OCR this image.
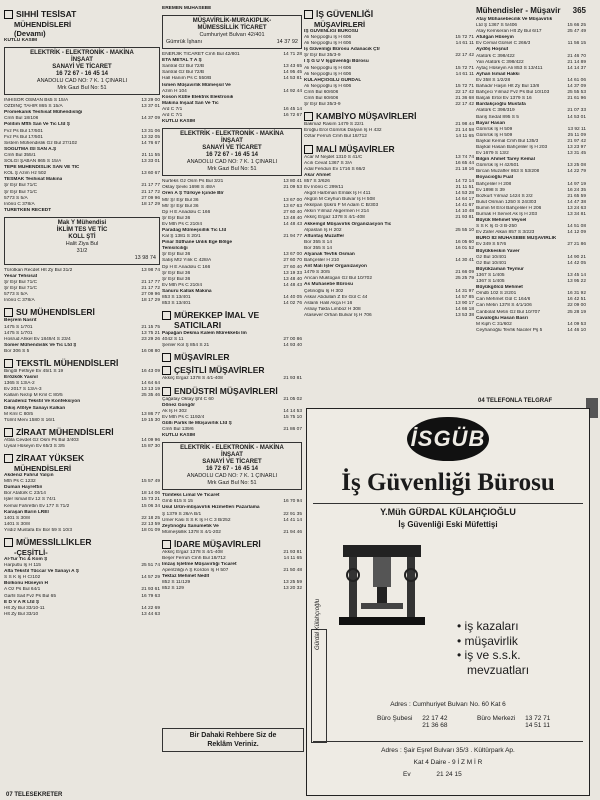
SIHHİ TESİSAT
MÜHENDİSLERİ
(Devamı)
KUTLU KASIM
ELEKTRİK - ELEKTRONİK - MAKİNA
İNŞAAT
SANAYİ VE TİCARET
16 72 67 - 16 45 14
ANADOLU CAD NO: 7 K. 1 ÇINARLI
Mrk Gazi Bul No: 51
İNHISOR OSMAN Bs5 S 15/A	13 29 00
ÖZDİNÇ TAHİR 865 S 15/A	13 37 01
Promekanik Teshisat Mühendisliği
Cmh Bul 18/106	14 37 09
Politim Mfth San Ve Tic Ltd Ş
Fvz Ps Bul 17/501	13 31 06
Fvz Ps Bul 17/501	13 32 05
Sistem Mühendislik Gz Bul 27/102	14 76 67
SOĞUTMA ISI SAN A.Ş
Cmh Bul 355/1	21 11 55
SOLGİ ŞABAN 865 S 15/A	13 33 01
TEPE MÜHENDİSLİK SAN VE TİC
KOL Ş Azim Hz 502	13 60 67
TESMAK Teshisat Makina
Şr Eşr Bul 71/C	21 17 77
Şr Eşr Bul 71/C	21 17 72
5773 S 5/A	27 09 96
İnönü C 378/A	18 17 29
TÜRETKEN RECEDT
Mak Y Mühendisi
İKLİM TES VE TİC
KOLL ŞTİ
Halit Ziya Bul
31/2
13 98 74
Türotkan Recdet Hlt Zy Bul 31/2	13 98 74
Yesar Tehsisat
Şr Eşr Bul 71/C	21 17 77
Şr Eşr Bul 71/C	21 17 72
5773 S 5/A	27 09 96
İnönü C 378/A	18 17 29
SU MÜHENDİSLERİ
Beşrem Nasrit
1475 S 1/701	21 15 75
1475 S 1/701	13 75 21
Hosrud Ahkel Ev 1849/4 S 23/4	23 29 26
Somer Mühendislik Ve Tic Ltd Ş
Bor 306 S 5	16 08 80
TEKSTİL MÜHENDİSLERİ
Bingöl Fethiye Ev 45/1 S 19	16 43 09
Erözkök Yasnil
1365 S 13/A-2	14 64 64
Ev 2017 S 13/A-3	13 13 19
Kallam Nezip M Kml C 80/5	25 35 46
Karadeniz Tekstil Ve Konfeksiyon
Dikiş Atölye Sanayi Kalkan
M Kml C 80/5	13 86 77
Tülmt Meni 1580 S 16/1	19 15 30
ZİRAAT MÜHENDİSLERİ
Attila Cevdet Gz Osm Ps Bul 3/403	14 09 96
Uysal Hüseyin Ev 65/3 S 3/5	15 87 30
ZİRAAT YÜKSEK
MÜHENDİSLERİ
Akdeniz Fahrul Yalçın
Mth Ps C 1232	15 57 49
Duman Hayrettin
Bor Atatürk C 23/14	18 14 06
İşler İsmail Ev 12 S 74/1	15 73 21
Kemal Fahrettin Ev 177 S 71/2	15 06 34
Karaşan Barın LREI
1401 S 30/8	22 18 25
1401 S 30/8	22 13 59
Yıldız Mustafa Ev Bor 59 S 10/3	18 01 09
MÜMESSİLLİKLER
-ÇEŞİTLİ-
Al-Tur Tic & Kom Ş
Harputlu İş H 115	25 51 74
Alta Tekstil Tüccar Ve Sanayi A Ş
S S K İş H C/102	14 57 29
Bolkonu Hüseyin H
A Oz Ps Bul 64/1	21 93 61
Garfil Sait Fvz Ps Bul 65	16 79 63
E D V A R Ltd Ş
Hlt Zy Bul 33/10-11	14 22 69
Hlt Zy Bul 33/10	13 44 63
07 TELESEKRETER
EREMEN MUHASEBE
MÜŞAVİRLİK-MURAKIPLIK-
MÜMESSİLLİK TİCARET
Cumhuriyet Bulvarı 42/401
Gümrük İşhanı	14 37 92
ENERJİK TİCARET Cmh Bul 42/801	14 71 28
ETA METAL T A Ş
Santral Gz Bul 72/B	13 43 65
Santral Gz Bul 72/B	14 95 45
Hall Hanım Ps C 550/B	14 53 81
İsmen Müşavirlik Mümeşsil Ve
Azim H 104	14 92 44
Koson Kütle Elektrik Elektronik
Makina İnşaat San Ve Tic
Ard C 7/1	16 45 14
Ard C 7/1	16 72 67
KUTLU KASIM
ELEKTRİK - ELEKTRONİK - MAKİNA
İNŞAAT
SANAYİ VE TİCARET
16 72 67 - 16 45 14
ANADOLU CAD NO: 7 K. 1 ÇINARLI
Mrk Gazi Bul No: 51
Nurteks Gz Osm Ps Bul 3/21	13 80 41
Oktay Şevki 1698 S 48/A	21 09 53
Ören A Ş Türkiye İçinde Blr
Mtr Şr Eşr Bul 36	13 67 00
Mtr Şr Eşr Bul 36	13 67 63
Dp H E Anadolu C 166	27 60 40
Şr Eşr Bul 36	13 48 40
Ev Mth Ps C 210/4	14 48 43
Paradag Mümeşsillik Tic Ltd
Kal Ş 1381 S 20/1	21 94 77
Pinar Süthane Ünlik Ege Bölge
Temsilciliği
Şr Eşr Bul 36	13 67 00
Satış Mtz Yılık C 428/A	27 60 70
Dp H E Anadolu C 166	27 60 40
Şr Eşr Bul 36	13 19 33
Şr Eşr Bul 36	13 48 40
Ev Mth Ps C 210/4	14 48 43
Sanuru Kallak Makina
853 S 13/401	14 40 05
853 S 13/401	14 02 76
MÜREKKEP İMAL VE SATICILARI
Papağan Dekma Kalem Mürekkebi İm
4042 S 11	27 00 86
Şenler Kol Ş 854 S 21	14 93 40
MÜŞAVİRLER
ÇEŞİTLİ MÜŞAVİRLER
Akkılç Ergaz 1378 S 4/1-408	21 93 81
ENDÜSTRİ MÜŞAVİRLERİ
Çağatay Oktay Şht C 60	21 05 02
Dönez Gongör
Ak İş H 302	14 14 53
Ev Mth Ps C 1192/4	15 75 10
Gülli Parlık İle Müşavirlik Ltd Ş
Cmh Bul 139/6	21 86 07
KUTLU KASIM
ELEKTRİK - ELEKTRONİK - MAKİNA
İNŞAAT
SANAYİ VE TİCARET
16 72 67 - 16 45 14
ANADOLU CAD NO: 7 K. 1 ÇINARLI
Mrk Gazi Bul No: 51
Tümteks Lımal Ve Ticaret
Gmb 615 S 15	16 70 94
Usul Ürün-müşavirlik Hizmetleri Pazarlama
Ş 1379 S 26/A B/1	22 91 35
Ümer Kasi S S K İş H C 3 B/252	14 41 14
Zeytinoğlu Sanumetik Ve
Mümeşsillik 1378 S 4/1-202	21 94 46
İDARE MÜŞAVİRLERİ
Akkılç Ergaz 1378 S 4/1-408	21 93 81
Beşer Ferruh Cmh Bul 18/712	14 11 65
İmzaş İşletme Müşavirliği Ticaret
Apentziliği A Ş Kordon İş H 507	21 50 48
Tektaz Mehmet Nedlt
852 S 11/129	13 25 59
852 S 129	13 20 32
Bir Dahaki Rehbere Siz de
Reklâm Veriniz.
İŞ GÜVENLİĞİ
MÜŞAVİRLERİ
İŞ GÜVENLİĞİ BÜROSU
Ali Neçipoğlu İş H 606	15 72 71
Ali Neçipoğlu İş H 606	14 61 11
İş Güvenliği Bürosu Adanacık Çtr
Şr Eşr Bul 35/3-9	22 17 42
İ Ş G Ü V İşgüvenliği Bürosu
Ali Neçipoğlu İş H 606	15 72 71
Ali Neçipoğlu İş H 606	14 61 11
KÜLAHÇIOĞLU GÜRDAL
Ali Neçipoğlu İş H 606	15 72 71
Cmh Bul 60/606	22 17 42
Cmh Bul 60/606	21 36 68
Şr Eşr Bul 35/3-9	22 17 42
KAMBİYO MÜŞAVİRLERİ
Bakmaz Rasım 1479 S 22/1	21 98 44
Eroğlu Erol Gümrük Dalyan İş H 432	21 14 58
Öztar Ferruh Cmh Bul 18/712	14 11 65
MALİ MÜŞAVİRLER
Acar M Nejdet 1310 S 41/C	13 74 74
Acılı Cevat 1367 S 3/A	16 65 44
Adal Feridun Ev 1716 S 66/2	21 18 16
Akar Ahmet
857 S 3/626	14 72 14
Ev İnönü C 299/11	21 11 51
Akgöl Harbman Emlak İş H 411	14 53 28
Akgün M Ceyhun Bulvar İş H 508	14 64 17
Akkılpan Şükrü F M Adam C B/303	14 41 67
Akkın Yılmaz Akgermen H 214	14 10 48
Akkılç Ergaz 1378 S 4/1-408	21 93 81
Akkemgil Müşavirlik Organizasyon Tic
Alpaslan İş H 202	25 55 10
Altuntaş Muzaffer
Bor 355 S 14	16 05 60
Bor 355 S 14	16 01 52
Alyanak Tevfik Osman
Bahçeliler H 210	14 30 41
Ant Mali İşler Organizasyon
1479 S 30/5	21 66 09
Arıcan Muktogan Gz Bul 10/702	25 25 79
As Muhasebe Bürosu
Çetinoğlu İş H 302	14 31 97
Askar Abdullah Z Ev Gül C 44	14 57 85
Aslanlı Halil Akça H 16	13 90 17
Aslıay Takta Limboz H 308	14 66 18
Atasever Orhan Bulvar İş H 706	13 53 38
Mühendisler - Müşavir 365
Atay Mühasebecilik Ve Müşavirlik
Ltd Ş 1367 S 5/406	15 66 25
Atay Kemseran Hlt Zy Bul 6/17	25 47 49
Atulgan Hüseyin
Ev Cemal Gürsel C 266/3	11 56 15
Aydöş Hoşnut
Atatürk C 398/422	21 46 70
Yalı Atatürk C 398/422	21 14 89
Aytaç Hüseyin Ali 853 S 13/411	14 14 37
Ayhan İsmail Hakkı
Ev 358 S 1/2/28	14 61 06
Bahadır Haşin Hlt Zy Bul 13/8	14 37 09
Bahçeci Yılmaz Fvz Ps Bul 10/103	25 55 53
Balçalı Ertol Ev 1379 S 16	21 61 96
Bardakçıoğlu Mustafa
Atatürk C 398/319	21 07 33
Barış Sedat 895 S 5	14 53 01
Bayar Hasan
Gümrük İş H 509	13 92 11
Gümrük İş H 509	25 11 09
Baykal Kemal Cmh Bul 135/3	21 97 42
Baykal Hasan Bahçeliler İş H 203	13 23 97
Ev 1679 S 13/2	13 31 45
Bilgin Ahmet Tarey Kemal
Gümrük İş H 42/501	13 25 08
Bircan Muzaffer 863 S 53/208	14 22 79
Boyacıoğlu Fuat
Bahçeliler H 208	14 97 19
Ev 1898 S 39	16 24 35
Bozkurt Yılmaz 1424 S 2/2	21 65 59
Bulut Osman 1250 S 24/303	14 47 38
Bumin M Erol Bahçeliler H 206	13 24 63
Burnak H Servet Ak İş H 203	13 34 81
Büyük Mehmet Veysel
S S K İş G-3 B-250	14 51 08
Ev Zafer Alkan 857 S 3/223	14 12 09
BÜRO 82 MUHASEBE MÜŞAVİRLİK
Ev 349 S 57/6	27 21 86
Büyükkeskin Yaver
Gz Bul 10/401	14 90 21
Gz Bul 10/401	14 42 05
Büyükzaman Teymur
1367 S 1/405	13 45 14
1367 S 1/405	13 95 22
Büyükgölcü Mehmet
Ömdb 102 S 2/201	16 31 92
Can Mehmet Gül C 164/6	16 42 51
Can Metin 1378 S 4/1/106	22 09 00
Canbolat Metin Gz Bul 10/707	25 28 19
Cavaloğlu Hasan Basri
M Kiph C 31/602	14 09 53
Ceyhanoğlu Tevfik Naciler Pş 5	14 46 10
04 TELEFONLA TELGRAF
İSGÜB
İş Güvenliği Bürosu
Y.Müh GÜRDAL KÜLAHÇIOĞLU
İş Güvenliği Eski Müfettişi
• iş kazaları
• müşavirlik
• iş ve s.s.k.
mevzuatları
Gürdal Külahçıoğlu
Adres : Cumhuriyet Bulvarı No. 60 Kat 6
Büro Şubesi 22 17 42
21 36 68
Büro Merkezi 13 72 71
14 51 11
Adres : Şair Eşref Bulvarı 35/3 . Kültürpark Ap.
Kat 4 Daire - 9 İ Z M İ R
Ev	21 24 15
